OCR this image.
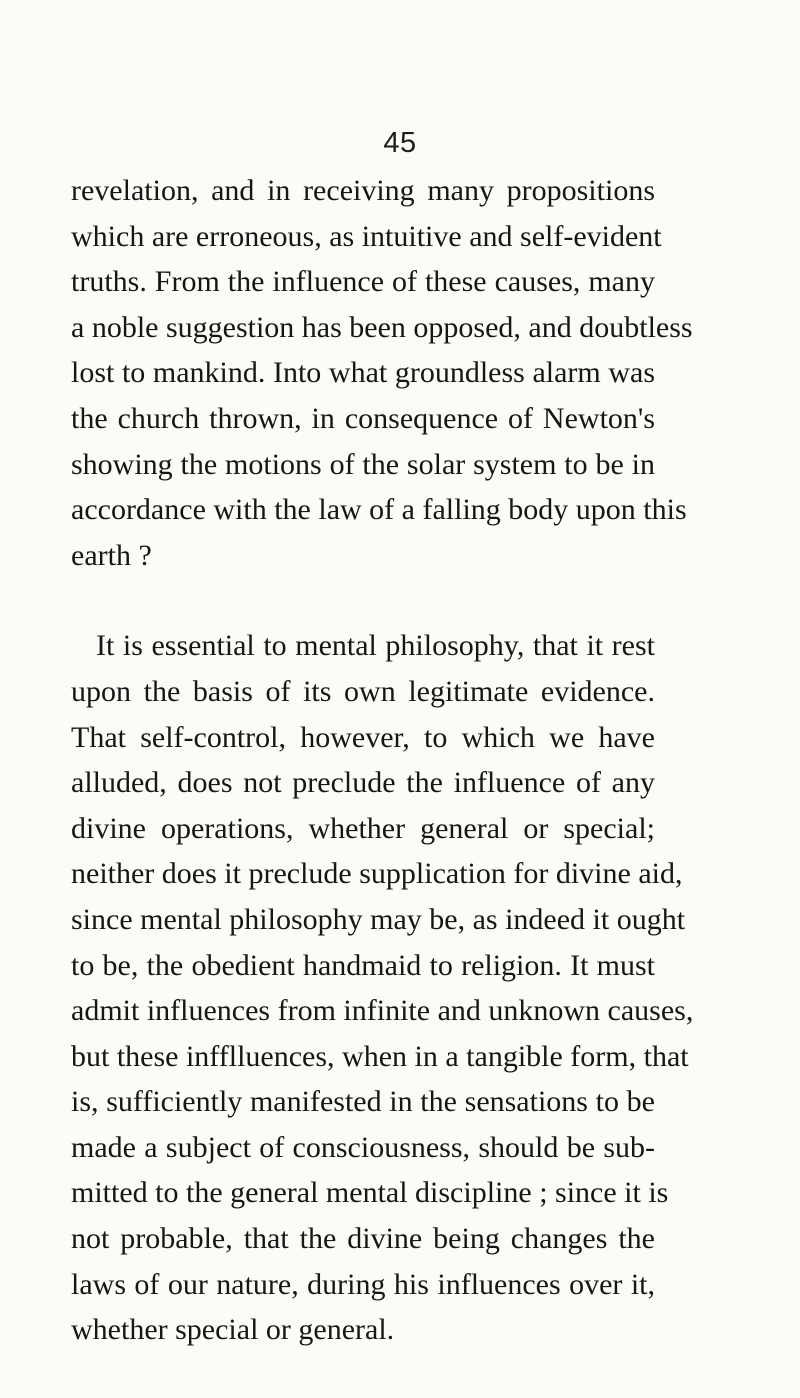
45
revelation, and in receiving many propositions
which are erroneous, as intuitive and self-evident
truths. From the influence of these causes, many
a noble suggestion has been opposed, and doubtless
lost to mankind. Into what groundless alarm was
the church thrown, in consequence of Newton's
showing the motions of the solar system to be in
accordance with the law of a falling body upon this
earth ?
It is essential to mental philosophy, that it rest
upon the basis of its own legitimate evidence.
That self-control, however, to which we have
alluded, does not preclude the influence of any
divine operations, whether general or special;
neither does it preclude supplication for divine aid,
since mental philosophy may be, as indeed it ought
to be, the obedient handmaid to religion. It must
admit influences from infinite and unknown causes,
but these infflluences, when in a tangible form, that
is, sufficiently manifested in the sensations to be
made a subject of consciousness, should be sub-
mitted to the general mental discipline ; since it is
not probable, that the divine being changes the
laws of our nature, during his influences over it,
whether special or general.
